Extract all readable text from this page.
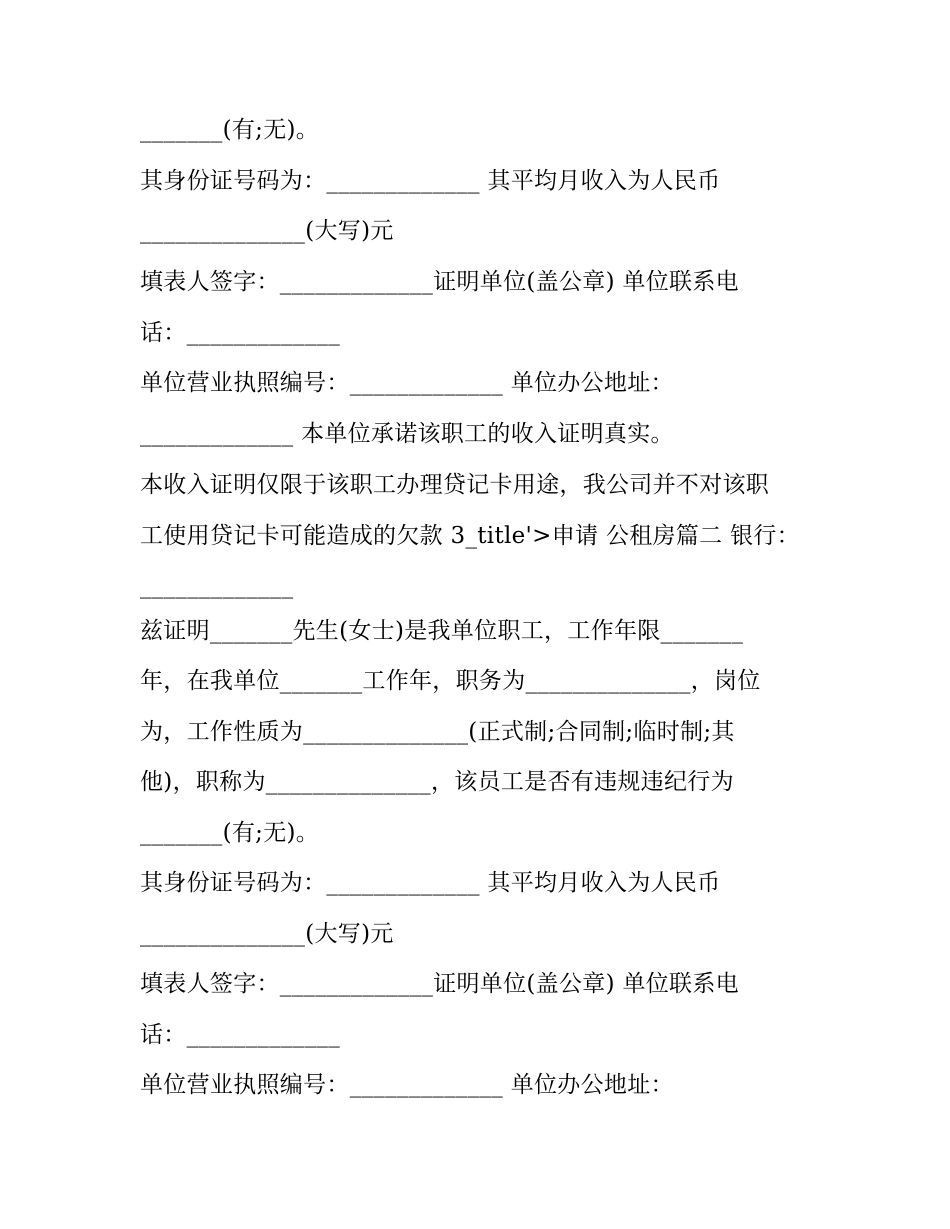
_______(有;无)。
其身份证号码为：_____________ 其平均月收入为人民币
______________(大写)元
填表人签字：_____________证明单位(盖公章) 单位联系电
话：_____________
单位营业执照编号：_____________ 单位办公地址：
_____________ 本单位承诺该职工的收入证明真实。
本收入证明仅限于该职工办理贷记卡用途，我公司并不对该职
工使用贷记卡可能造成的欠款 3_title'>申请 公租房篇二 银行：
_____________
兹证明_______先生(女士)是我单位职工，工作年限_______
年，在我单位_______工作年，职务为______________，岗位
为，工作性质为______________(正式制;合同制;临时制;其
他)，职称为______________，该员工是否有违规违纪行为
_______(有;无)。
其身份证号码为：_____________ 其平均月收入为人民币
______________(大写)元
填表人签字：_____________证明单位(盖公章) 单位联系电
话：_____________
单位营业执照编号：_____________ 单位办公地址：
